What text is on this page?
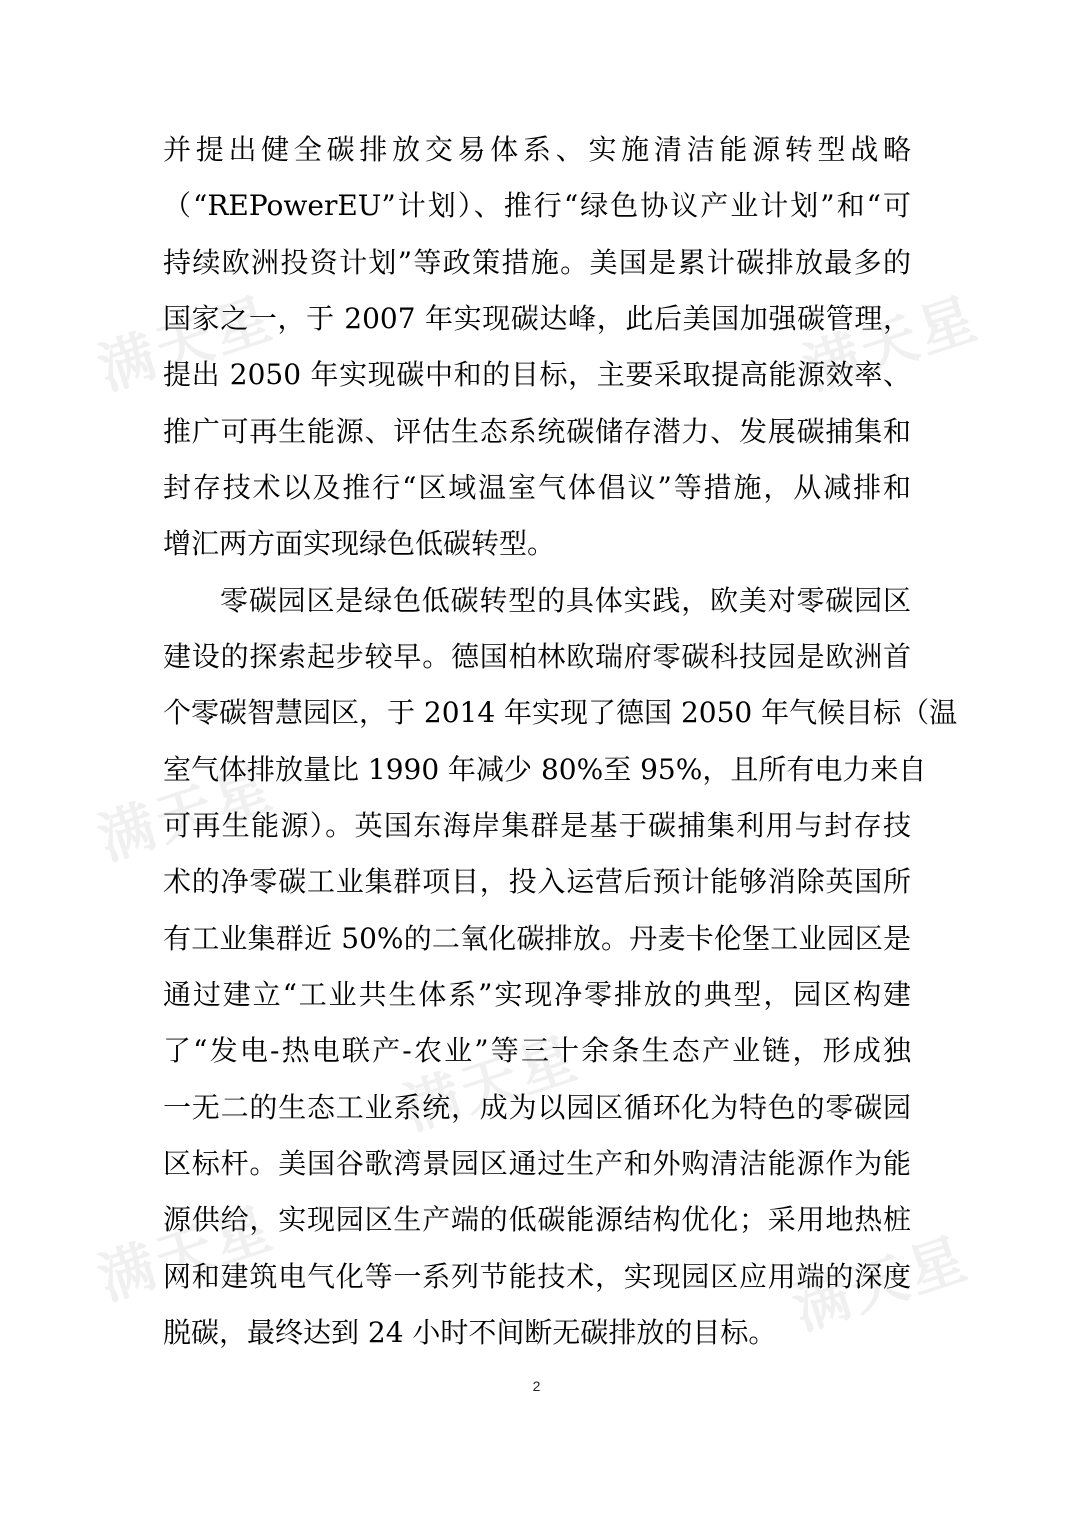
满天星	满天星
满天星
满天星
满天星	满天星
并提出健全碳排放交易体系、实施清洁能源转型战略
（“REPowerEU”计划）、推行“绿色协议产业计划”和“可
持续欧洲投资计划”等政策措施。美国是累计碳排放最多的
国家之一，于 2007 年实现碳达峰，此后美国加强碳管理，
提出 2050 年实现碳中和的目标，主要采取提高能源效率、
推广可再生能源、评估生态系统碳储存潜力、发展碳捕集和
封存技术以及推行“区域温室气体倡议”等措施，从减排和
增汇两方面实现绿色低碳转型。
零碳园区是绿色低碳转型的具体实践，欧美对零碳园区
建设的探索起步较早。德国柏林欧瑞府零碳科技园是欧洲首
个零碳智慧园区，于 2014 年实现了德国 2050 年气候目标（温
室气体排放量比 1990 年减少 80%至 95%，且所有电力来自
可再生能源）。英国东海岸集群是基于碳捕集利用与封存技
术的净零碳工业集群项目，投入运营后预计能够消除英国所
有工业集群近 50%的二氧化碳排放。丹麦卡伦堡工业园区是
通过建立“工业共生体系”实现净零排放的典型，园区构建
了“发电-热电联产-农业”等三十余条生态产业链，形成独
一无二的生态工业系统，成为以园区循环化为特色的零碳园
区标杆。美国谷歌湾景园区通过生产和外购清洁能源作为能
源供给，实现园区生产端的低碳能源结构优化；采用地热桩
网和建筑电气化等一系列节能技术，实现园区应用端的深度
脱碳，最终达到 24 小时不间断无碳排放的目标。
2
